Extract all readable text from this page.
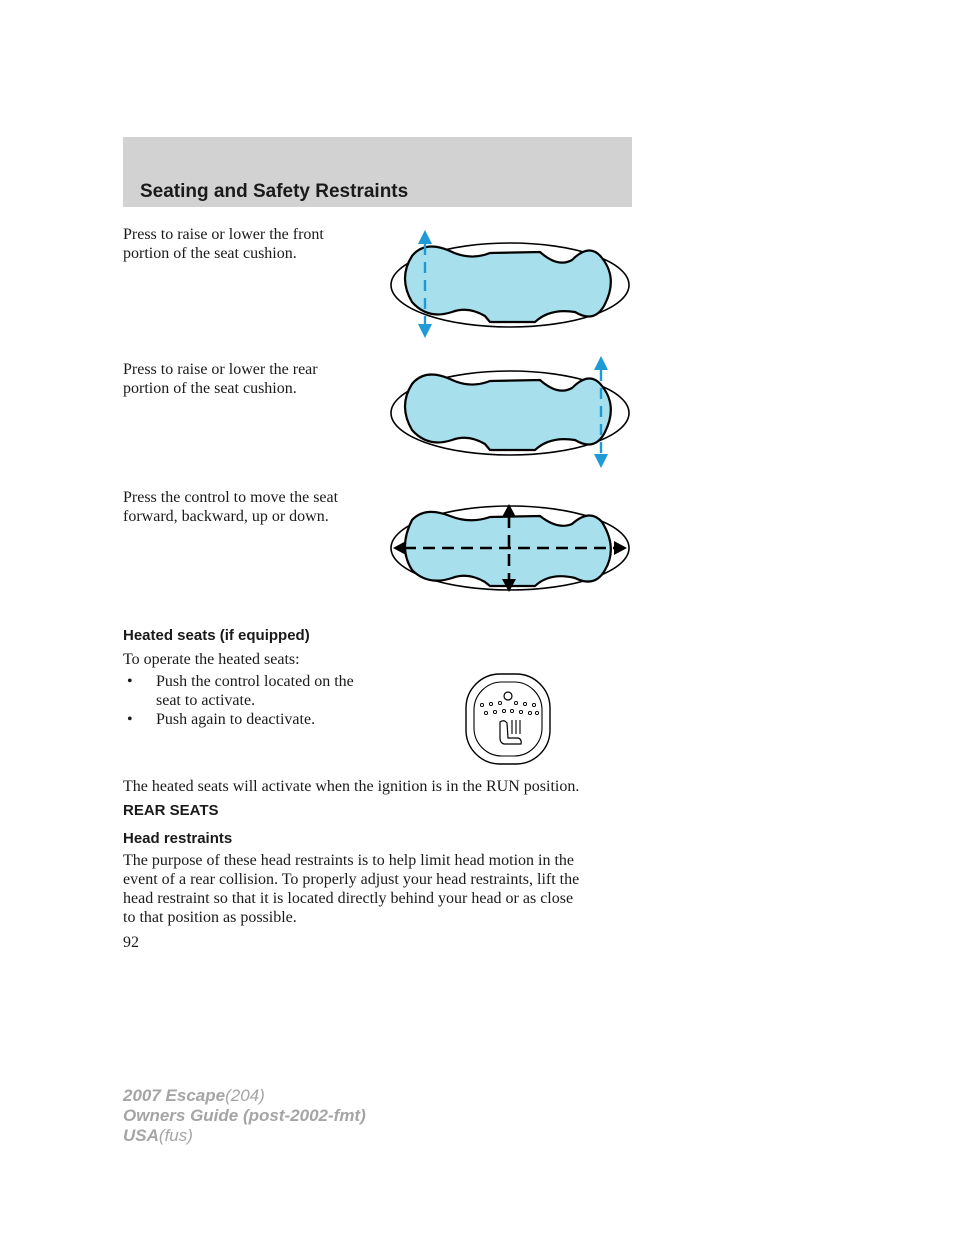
Seating and Safety Restraints

Press to raise or lower the front
portion of the seat cushion.

Press to raise or lower the rear
portion of the seat cushion.

Press the control to move the seat
forward, backward, up or down.

Heated seats (if equipped)

To operate the heated seats:

• Push the control located on the
seat to activate.

• Push again to deactivate.

The heated seats will activate when the ignition is in the RUN position.

REAR SEATS
Head restraints

The purpose of these head restraints is to help limit head motion in the
event of a rear collision. To properly adjust your head restraints, lift the
head restraint so that it is located directly behind your head or as close
to that position as possible.

92

2007 Escape(204)
Owners Guide (post-2002-fmt)
USA(fus)
